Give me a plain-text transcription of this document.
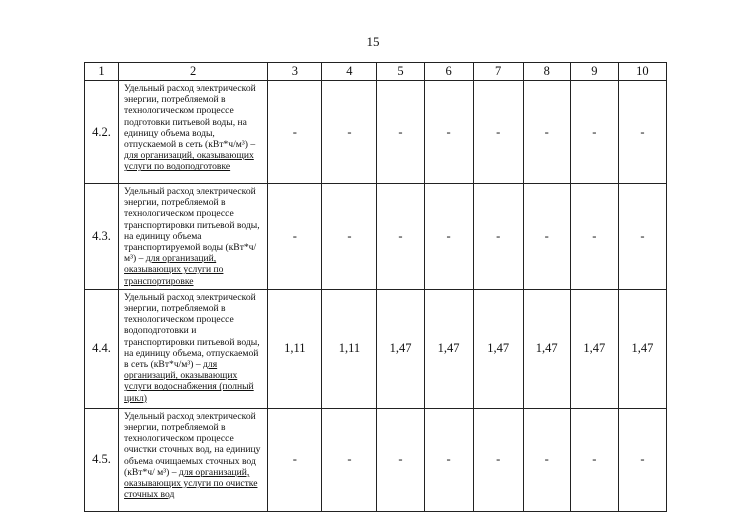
15
1	2	3	4	5	6	7	8	9	10
4.2.	Удельный расход электрической энергии, потребляемой в технологическом процессе подготовки питьевой воды, на единицу объема воды, отпускаемой в сеть (кВт*ч/м³) – для организаций, оказывающих услуги по водоподготовке	-	-	-	-	-	-	-	-
4.3.	Удельный расход электрической энергии, потребляемой в технологическом процессе транспортировки питьевой воды, на единицу объема транспортируемой воды (кВт*ч/м³) – для организаций, оказывающих услуги по транспортировке	-	-	-	-	-	-	-	-
4.4.	Удельный расход электрической энергии, потребляемой в технологическом процессе водоподготовки и транспортировки питьевой воды, на единицу объема, отпускаемой в сеть (кВт*ч/м³) – для организаций, оказывающих услуги водоснабжения (полный цикл)	1,11	1,11	1,47	1,47	1,47	1,47	1,47	1,47
4.5.	Удельный расход электрической энергии, потребляемой в технологическом процессе очистки сточных вод, на единицу объема очищаемых сточных вод (кВт*ч/ м³) – для организаций, оказывающих услуги по очистке сточных вод	-	-	-	-	-	-	-	-
